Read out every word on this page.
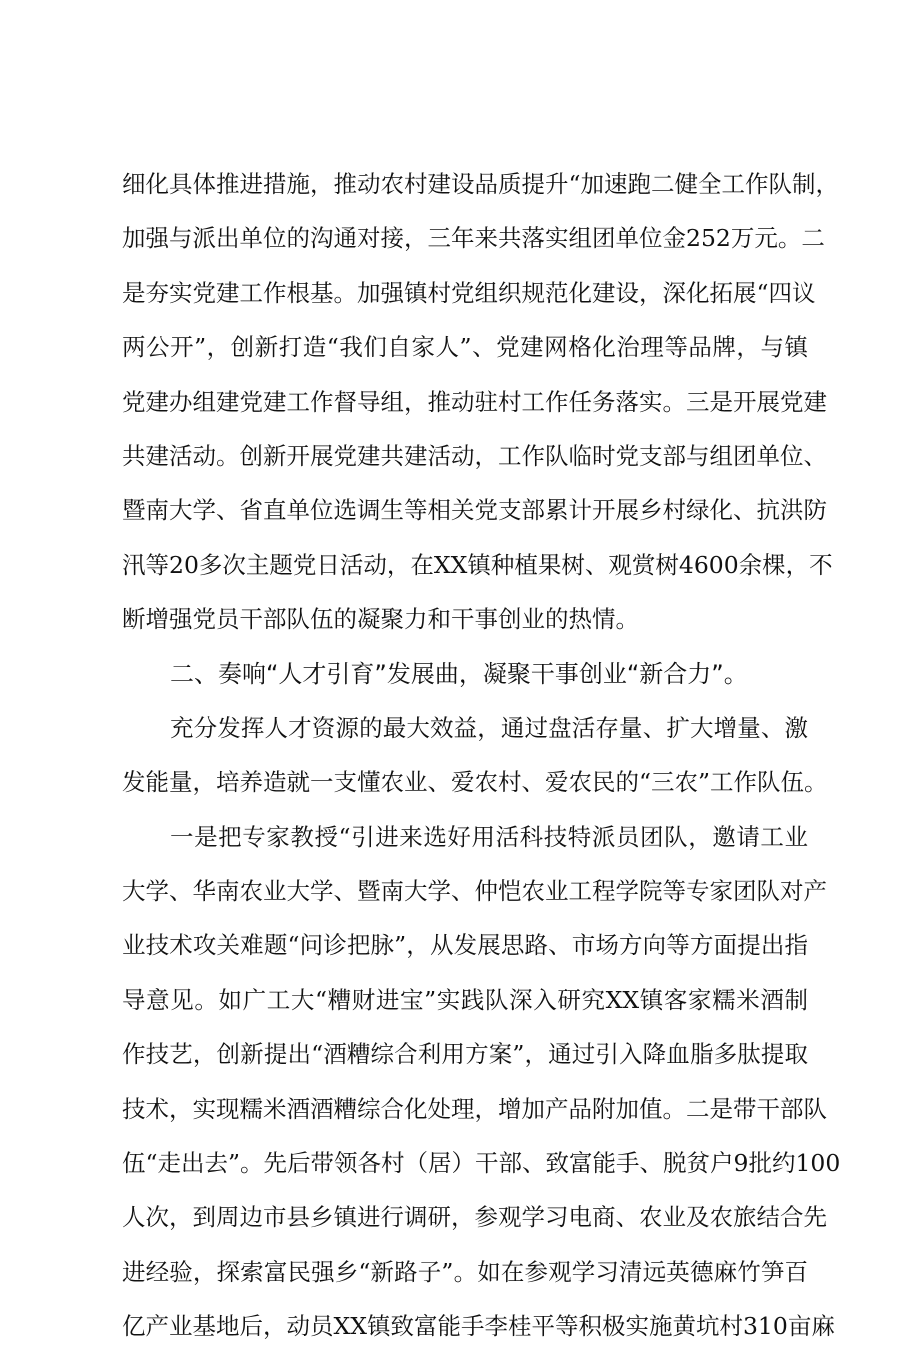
细化具体推进措施，推动农村建设品质提升“加速跑二健全工作队制，
加强与派出单位的沟通对接，三年来共落实组团单位金252万元。二
是夯实党建工作根基。加强镇村党组织规范化建设，深化拓展“四议
两公开”，创新打造“我们自家人”、党建网格化治理等品牌，与镇
党建办组建党建工作督导组，推动驻村工作任务落实。三是开展党建
共建活动。创新开展党建共建活动，工作队临时党支部与组团单位、
暨南大学、省直单位选调生等相关党支部累计开展乡村绿化、抗洪防
汛等20多次主题党日活动，在XX镇种植果树、观赏树4600余棵，不
断增强党员干部队伍的凝聚力和干事创业的热情。
二、奏响“人才引育”发展曲，凝聚干事创业“新合力”。
充分发挥人才资源的最大效益，通过盘活存量、扩大增量、激
发能量，培养造就一支懂农业、爱农村、爱农民的“三农”工作队伍。
一是把专家教授“引进来选好用活科技特派员团队，邀请工业
大学、华南农业大学、暨南大学、仲恺农业工程学院等专家团队对产
业技术攻关难题“问诊把脉”，从发展思路、市场方向等方面提出指
导意见。如广工大“糟财进宝”实践队深入研究XX镇客家糯米酒制
作技艺，创新提出“酒糟综合利用方案”，通过引入降血脂多肽提取
技术，实现糯米酒酒糟综合化处理，增加产品附加值。二是带干部队
伍“走出去”。先后带领各村（居）干部、致富能手、脱贫户9批约100
人次，到周边市县乡镇进行调研，参观学习电商、农业及农旅结合先
进经验，探索富民强乡“新路子”。如在参观学习清远英德麻竹笋百
亿产业基地后，动员XX镇致富能手李桂平等积极实施黄坑村310亩麻
